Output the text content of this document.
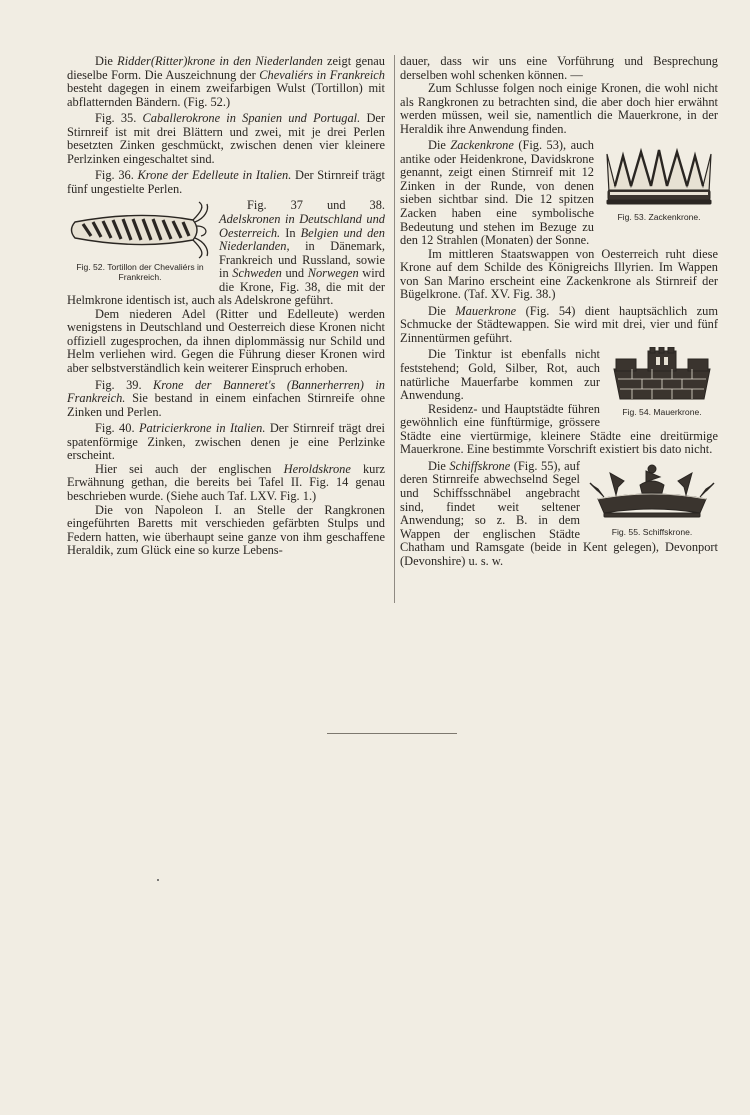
Die Ridder(Ritter)krone in den Niederlanden zeigt genau dieselbe Form. Die Auszeichnung der Chevaliérs in Frankreich besteht dagegen in einem zweifarbigen Wulst (Tortillon) mit abflatternden Bändern. (Fig. 52.)

Fig. 35. Caballerokrone in Spanien und Portugal. Der Stirnreif ist mit drei Blättern und zwei, mit je drei Perlen besetzten Zinken geschmückt, zwischen denen vier kleinere Perlzinken eingeschaltet sind.

Fig. 36. Krone der Edelleute in Italien. Der Stirnreif trägt fünf ungestielte Perlen.

Fig. 52. Tortillon der Chevaliérs in Frankreich.

Fig. 37 und 38. Adelskronen in Deutschland und Oesterreich. In Belgien und den Niederlanden, in Dänemark, Frankreich und Russland, sowie in Schweden und Norwegen wird die Krone, Fig. 38, die mit der Helmkrone identisch ist, auch als Adelskrone geführt.

Dem niederen Adel (Ritter und Edelleute) werden wenigstens in Deutschland und Oesterreich diese Kronen nicht offiziell zugesprochen, da ihnen diplommässig nur Schild und Helm verliehen wird. Gegen die Führung dieser Kronen wird aber selbstverständlich kein weiterer Einspruch erhoben.

Fig. 39. Krone der Banneret's (Bannerherren) in Frankreich. Sie bestand in einem einfachen Stirnreife ohne Zinken und Perlen.

Fig. 40. Patricierkrone in Italien. Der Stirnreif trägt drei spatenförmige Zinken, zwischen denen je eine Perlzinke erscheint.

Hier sei auch der englischen Heroldskrone kurz Erwähnung gethan, die bereits bei Tafel II. Fig. 14 genau beschrieben wurde. (Siehe auch Taf. LXV. Fig. 1.)

Die von Napoleon I. an Stelle der Rangkronen eingeführten Baretts mit verschieden gefärbten Stulps und Federn hatten, wie überhaupt seine ganze von ihm geschaffene Heraldik, zum Glück eine so kurze Lebens-

dauer, dass wir uns eine Vorführung und Besprechung derselben wohl schenken können. —

Zum Schlusse folgen noch einige Kronen, die wohl nicht als Rangkronen zu betrachten sind, die aber doch hier erwähnt werden müssen, weil sie, namentlich die Mauerkrone, in der Heraldik ihre Anwendung finden.

Fig. 53. Zackenkrone.

Die Zackenkrone (Fig. 53), auch antike oder Heidenkrone, Davidskrone genannt, zeigt einen Stirnreif mit 12 Zinken in der Runde, von denen sieben sichtbar sind. Die 12 spitzen Zacken haben eine symbolische Bedeutung und stehen im Bezuge zu den 12 Strahlen (Monaten) der Sonne.

Im mittleren Staatswappen von Oesterreich ruht diese Krone auf dem Schilde des Königreichs Illyrien. Im Wappen von San Marino erscheint eine Zackenkrone als Stirnreif der Bügelkrone. (Taf. XV. Fig. 38.)

Die Mauerkrone (Fig. 54) dient hauptsächlich zum Schmucke der Städtewappen. Sie wird mit drei, vier und fünf Zinnentürmen geführt.

Fig. 54. Mauerkrone.

Die Tinktur ist ebenfalls nicht feststehend; Gold, Silber, Rot, auch natürliche Mauerfarbe kommen zur Anwendung.

Residenz- und Hauptstädte führen gewöhnlich eine fünftürmige, grössere Städte eine viertürmige, kleinere Städte eine dreitürmige Mauerkrone. Eine bestimmte Vorschrift existiert bis dato nicht.

Fig. 55. Schiffskrone.

Die Schiffskrone (Fig. 55), auf deren Stirnreife abwechselnd Segel und Schiffsschnäbel angebracht sind, findet weit seltener Anwendung; so z. B. in dem Wappen der englischen Städte Chatham und Ramsgate (beide in Kent gelegen), Devonport (Devonshire) u. s. w.
